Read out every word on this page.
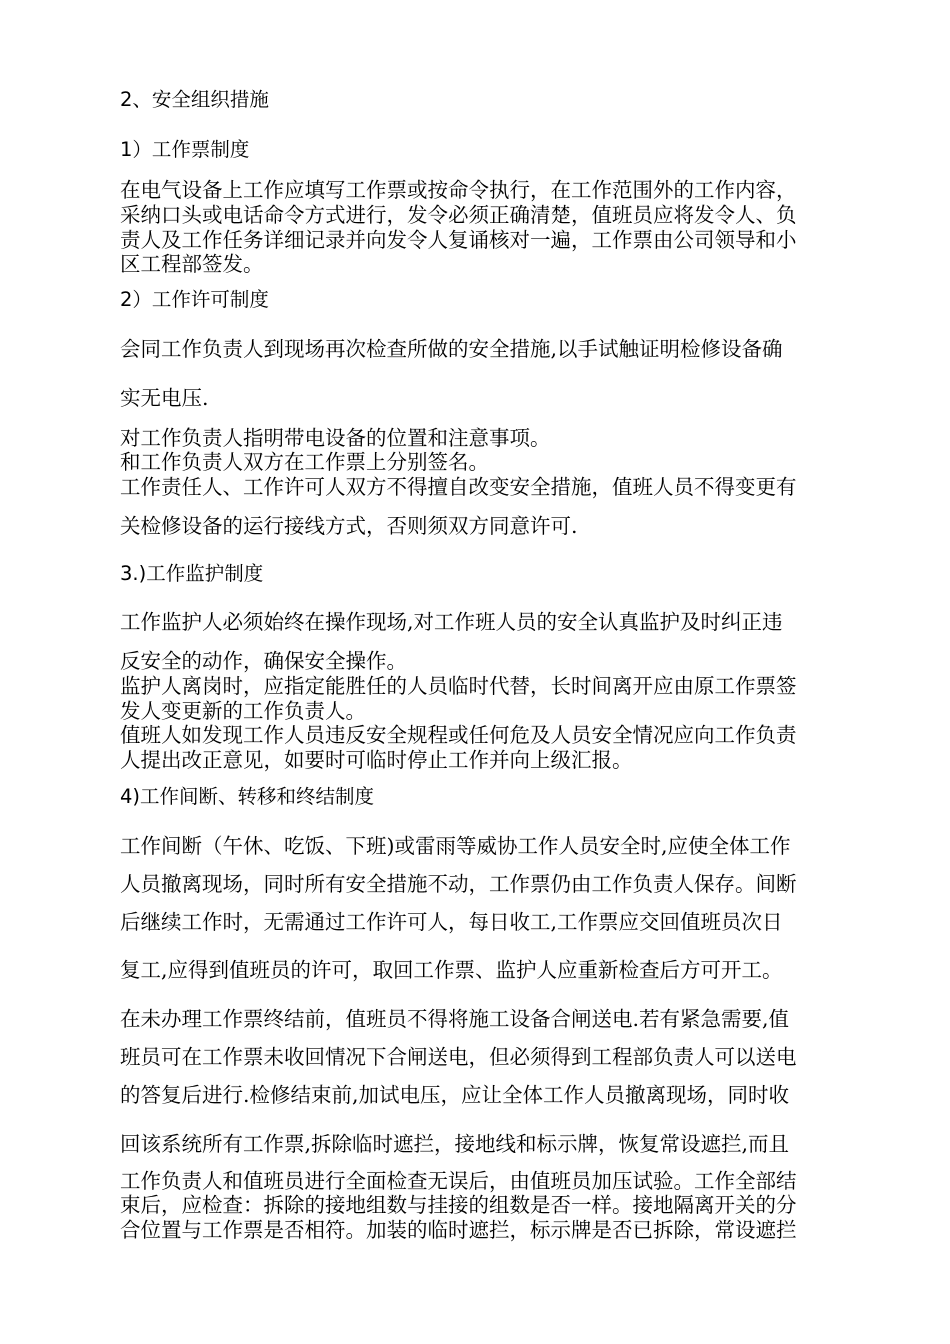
2、安全组织措施
1）工作票制度
在电气设备上工作应填写工作票或按命令执行，在工作范围外的工作内容，
采纳口头或电话命令方式进行，发令必须正确清楚，值班员应将发令人、负
责人及工作任务详细记录并向发令人复诵核对一遍，工作票由公司领导和小
区工程部签发。
2）工作许可制度
会同工作负责人到现场再次检查所做的安全措施,以手试触证明检修设备确
实无电压.
对工作负责人指明带电设备的位置和注意事项。
和工作负责人双方在工作票上分别签名。
工作责任人、工作许可人双方不得擅自改变安全措施，值班人员不得变更有
关检修设备的运行接线方式，否则须双方同意许可.
3.)工作监护制度
工作监护人必须始终在操作现场,对工作班人员的安全认真监护及时纠正违
反安全的动作，确保安全操作。
监护人离岗时，应指定能胜任的人员临时代替，长时间离开应由原工作票签
发人变更新的工作负责人。
值班人如发现工作人员违反安全规程或任何危及人员安全情况应向工作负责
人提出改正意见，如要时可临时停止工作并向上级汇报。
4)工作间断、转移和终结制度
工作间断（午休、吃饭、下班)或雷雨等威协工作人员安全时,应使全体工作
人员撤离现场，同时所有安全措施不动，工作票仍由工作负责人保存。间断
后继续工作时，无需通过工作许可人，每日收工,工作票应交回值班员次日
复工,应得到值班员的许可，取回工作票、监护人应重新检查后方可开工。
在未办理工作票终结前，值班员不得将施工设备合闸送电.若有紧急需要,值
班员可在工作票未收回情况下合闸送电，但必须得到工程部负责人可以送电
的答复后进行.检修结束前,加试电压，应让全体工作人员撤离现场，同时收
回该系统所有工作票,拆除临时遮拦，接地线和标示牌，恢复常设遮拦,而且
工作负责人和值班员进行全面检查无误后，由值班员加压试验。工作全部结
束后，应检查：拆除的接地组数与挂接的组数是否一样。接地隔离开关的分
合位置与工作票是否相符。加装的临时遮拦，标示牌是否已拆除，常设遮拦
